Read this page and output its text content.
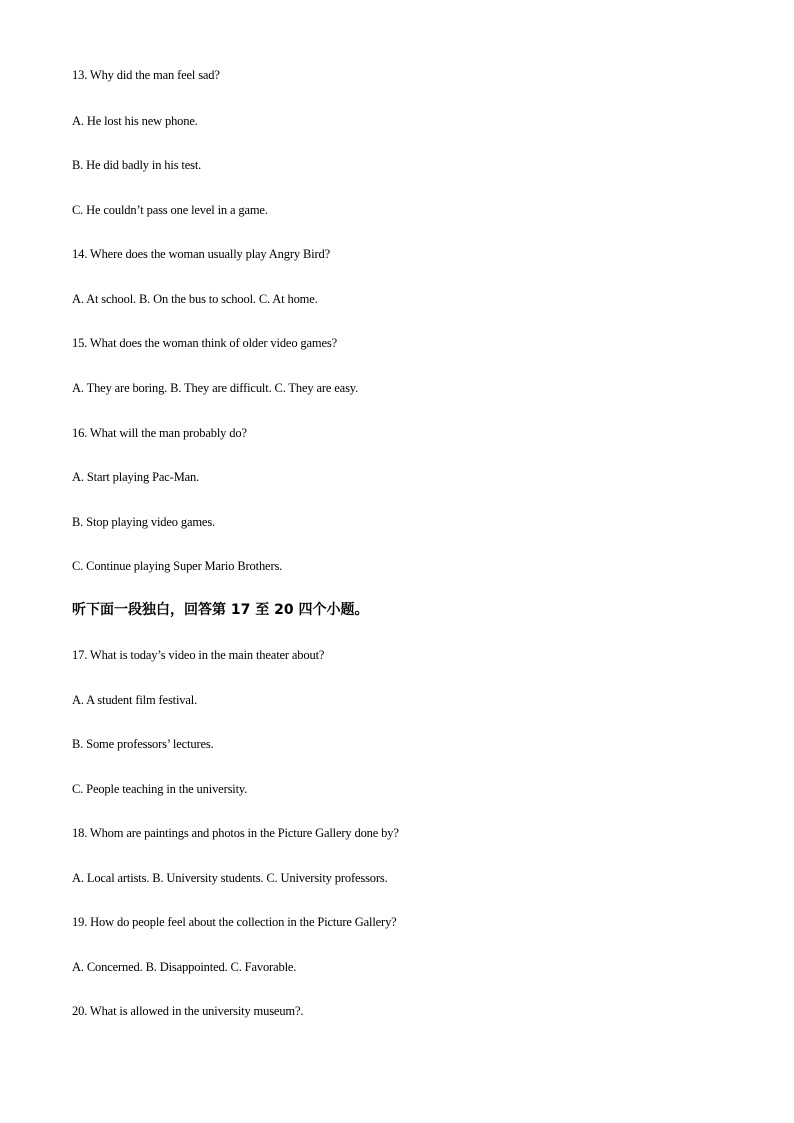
13. Why did the man feel sad?
A. He lost his new phone.
B. He did badly in his test.
C. He couldn’t pass one level in a game.
14. Where does the woman usually play Angry Bird?
A. At school. B. On the bus to school. C. At home.
15. What does the woman think of older video games?
A. They are boring. B. They are difficult. C. They are easy.
16. What will the man probably do?
A. Start playing Pac-Man.
B. Stop playing video games.
C. Continue playing Super Mario Brothers.
听下面一段独白，回答第 17 至 20 四个小题。
17. What is today’s video in the main theater about?
A. A student film festival.
B. Some professors’ lectures.
C. People teaching in the university.
18. Whom are paintings and photos in the Picture Gallery done by?
A. Local artists. B. University students. C. University professors.
19. How do people feel about the collection in the Picture Gallery?
A. Concerned. B. Disappointed. C. Favorable.
20. What is allowed in the university museum?.
